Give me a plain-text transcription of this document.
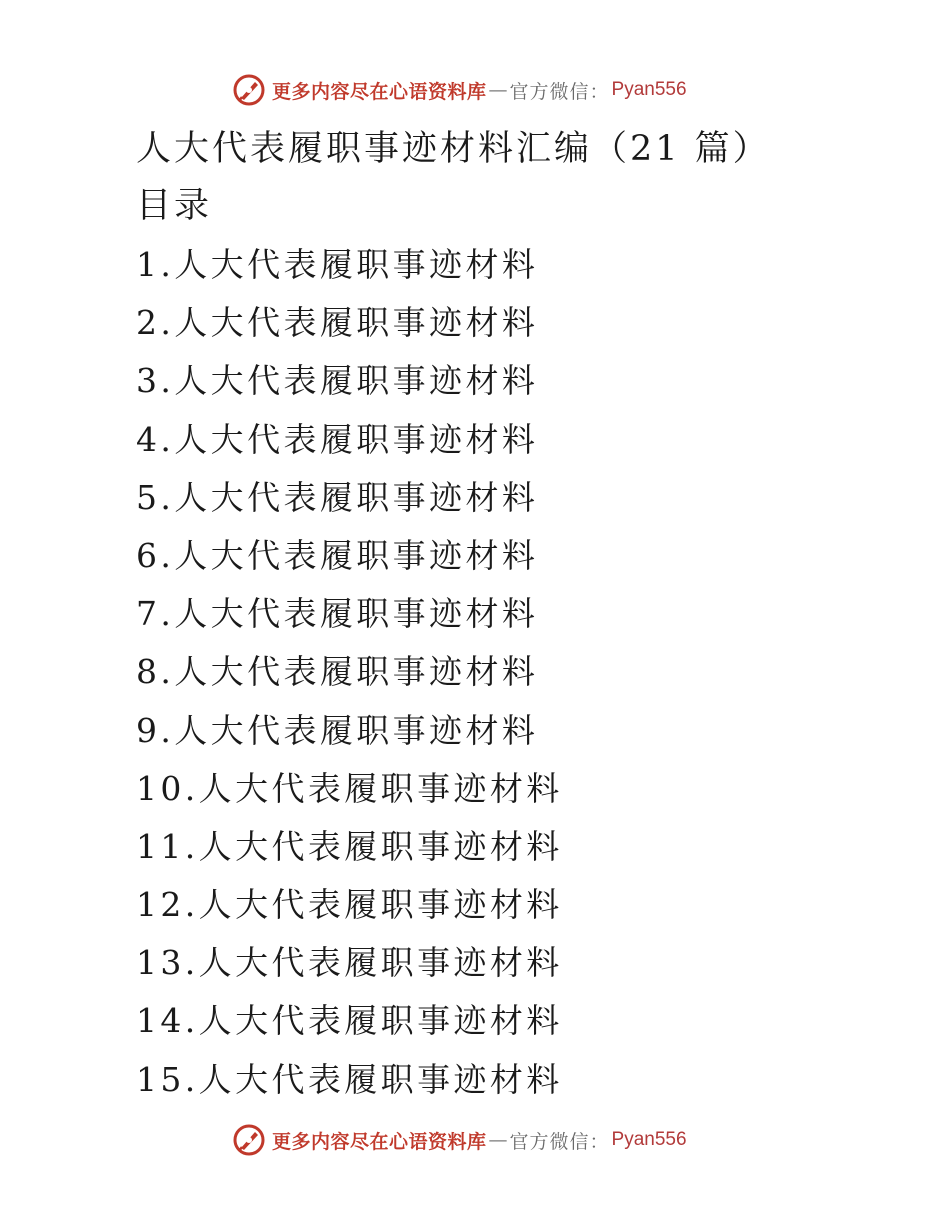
更多内容尽在心语资料库 — 官方微信： Pyan556
人大代表履职事迹材料汇编（21 篇）
目录
1.人大代表履职事迹材料
2.人大代表履职事迹材料
3.人大代表履职事迹材料
4.人大代表履职事迹材料
5.人大代表履职事迹材料
6.人大代表履职事迹材料
7.人大代表履职事迹材料
8.人大代表履职事迹材料
9.人大代表履职事迹材料
10.人大代表履职事迹材料
11.人大代表履职事迹材料
12.人大代表履职事迹材料
13.人大代表履职事迹材料
14.人大代表履职事迹材料
15.人大代表履职事迹材料
更多内容尽在心语资料库 — 官方微信： Pyan556
